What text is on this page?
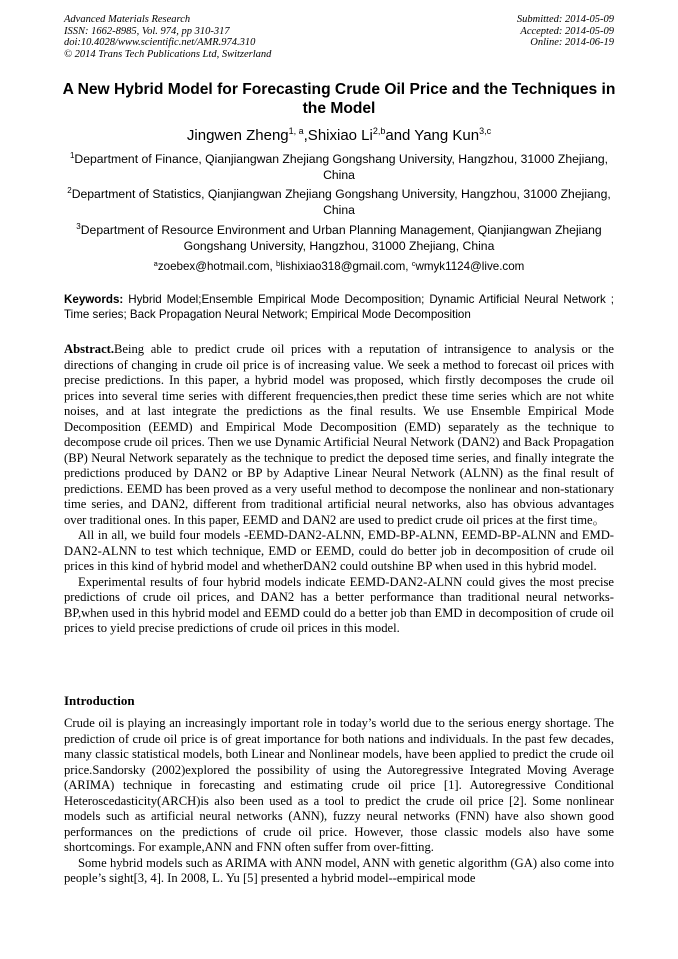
Advanced Materials Research
ISSN: 1662-8985, Vol. 974, pp 310-317
doi:10.4028/www.scientific.net/AMR.974.310
© 2014 Trans Tech Publications Ltd, Switzerland
Submitted: 2014-05-09
Accepted: 2014-05-09
Online: 2014-06-19
A New Hybrid Model for Forecasting Crude Oil Price and the Techniques in the Model
Jingwen Zheng$^{1, a}$,Shixiao Li$^{2,b}$and Yang Kun$^{3,c}$
$^1$Department of Finance, Qianjiangwan Zhejiang Gongshang University, Hangzhou, 31000 Zhejiang, China
$^2$Department of Statistics, Qianjiangwan Zhejiang Gongshang University, Hangzhou, 31000 Zhejiang, China
$^3$Department of Resource Environment and Urban Planning Management, Qianjiangwan Zhejiang Gongshang University, Hangzhou, 31000 Zhejiang, China
$^a$zoebex@hotmail.com, $^b$lishixiao318@gmail.com, $^c$wmyk1124@live.com
Keywords: Hybrid Model;Ensemble Empirical Mode Decomposition; Dynamic Artificial Neural Network ; Time series; Back Propagation Neural Network; Empirical Mode Decomposition

Abstract.Being able to predict crude oil prices with a reputation of intransigence to analysis or the directions of changing in crude oil price is of increasing value. We seek a method to forecast oil prices with precise predictions. In this paper, a hybrid model was proposed, which firstly decomposes the crude oil prices into several time series with different frequencies,then predict these time series which are not white noises, and at last integrate the predictions as the final results. We use Ensemble Empirical Mode Decomposition (EEMD) and Empirical Mode Decomposition (EMD) separately as the technique to decompose crude oil prices. Then we use Dynamic Artificial Neural Network (DAN2) and Back Propagation (BP) Neural Network separately as the technique to predict the deposed time series, and finally integrate the predictions produced by DAN2 or BP by Adaptive Linear Neural Network (ALNN) as the final result of predictions. EEMD has been proved as a very useful method to decompose the nonlinear and non-stationary time series, and DAN2, different from traditional artificial neural networks, also has obvious advantages over traditional ones. In this paper, EEMD and DAN2 are used to predict crude oil prices at the first time。

All in all, we build four models -EEMD-DAN2-ALNN, EMD-BP-ALNN, EEMD-BP-ALNN and EMD-DAN2-ALNN to test which technique, EMD or EEMD, could do better job in decomposition of crude oil prices in this kind of hybrid model and whetherDAN2 could outshine BP when used in this hybrid model.

Experimental results of four hybrid models indicate EEMD-DAN2-ALNN could gives the most precise predictions of crude oil prices, and DAN2 has a better performance than traditional neural networks-BP,when used in this hybrid model and EEMD could do a better job than EMD in decomposition of crude oil prices to yield precise predictions of crude oil prices in this model.

Introduction

Crude oil is playing an increasingly important role in today’s world due to the serious energy shortage. The prediction of crude oil price is of great importance for both nations and individuals. In the past few decades, many classic statistical models, both Linear and Nonlinear models, have been applied to predict the crude oil price.Sandorsky (2002)explored the possibility of using the Autoregressive Integrated Moving Average (ARIMA) technique in forecasting and estimating crude oil price [1]. Autoregressive Conditional Heteroscedasticity(ARCH)is also been used as a tool to predict the crude oil price [2]. Some nonlinear models such as artificial neural networks (ANN), fuzzy neural networks (FNN) have also shown good performances on the predictions of crude oil price. However, those classic models also have some shortcomings. For example,ANN and FNN often suffer from over-fitting.

Some hybrid models such as ARIMA with ANN model, ANN with genetic algorithm (GA) also come into people’s sight[3, 4]. In 2008, L. Yu [5] presented a hybrid model--empirical mode
